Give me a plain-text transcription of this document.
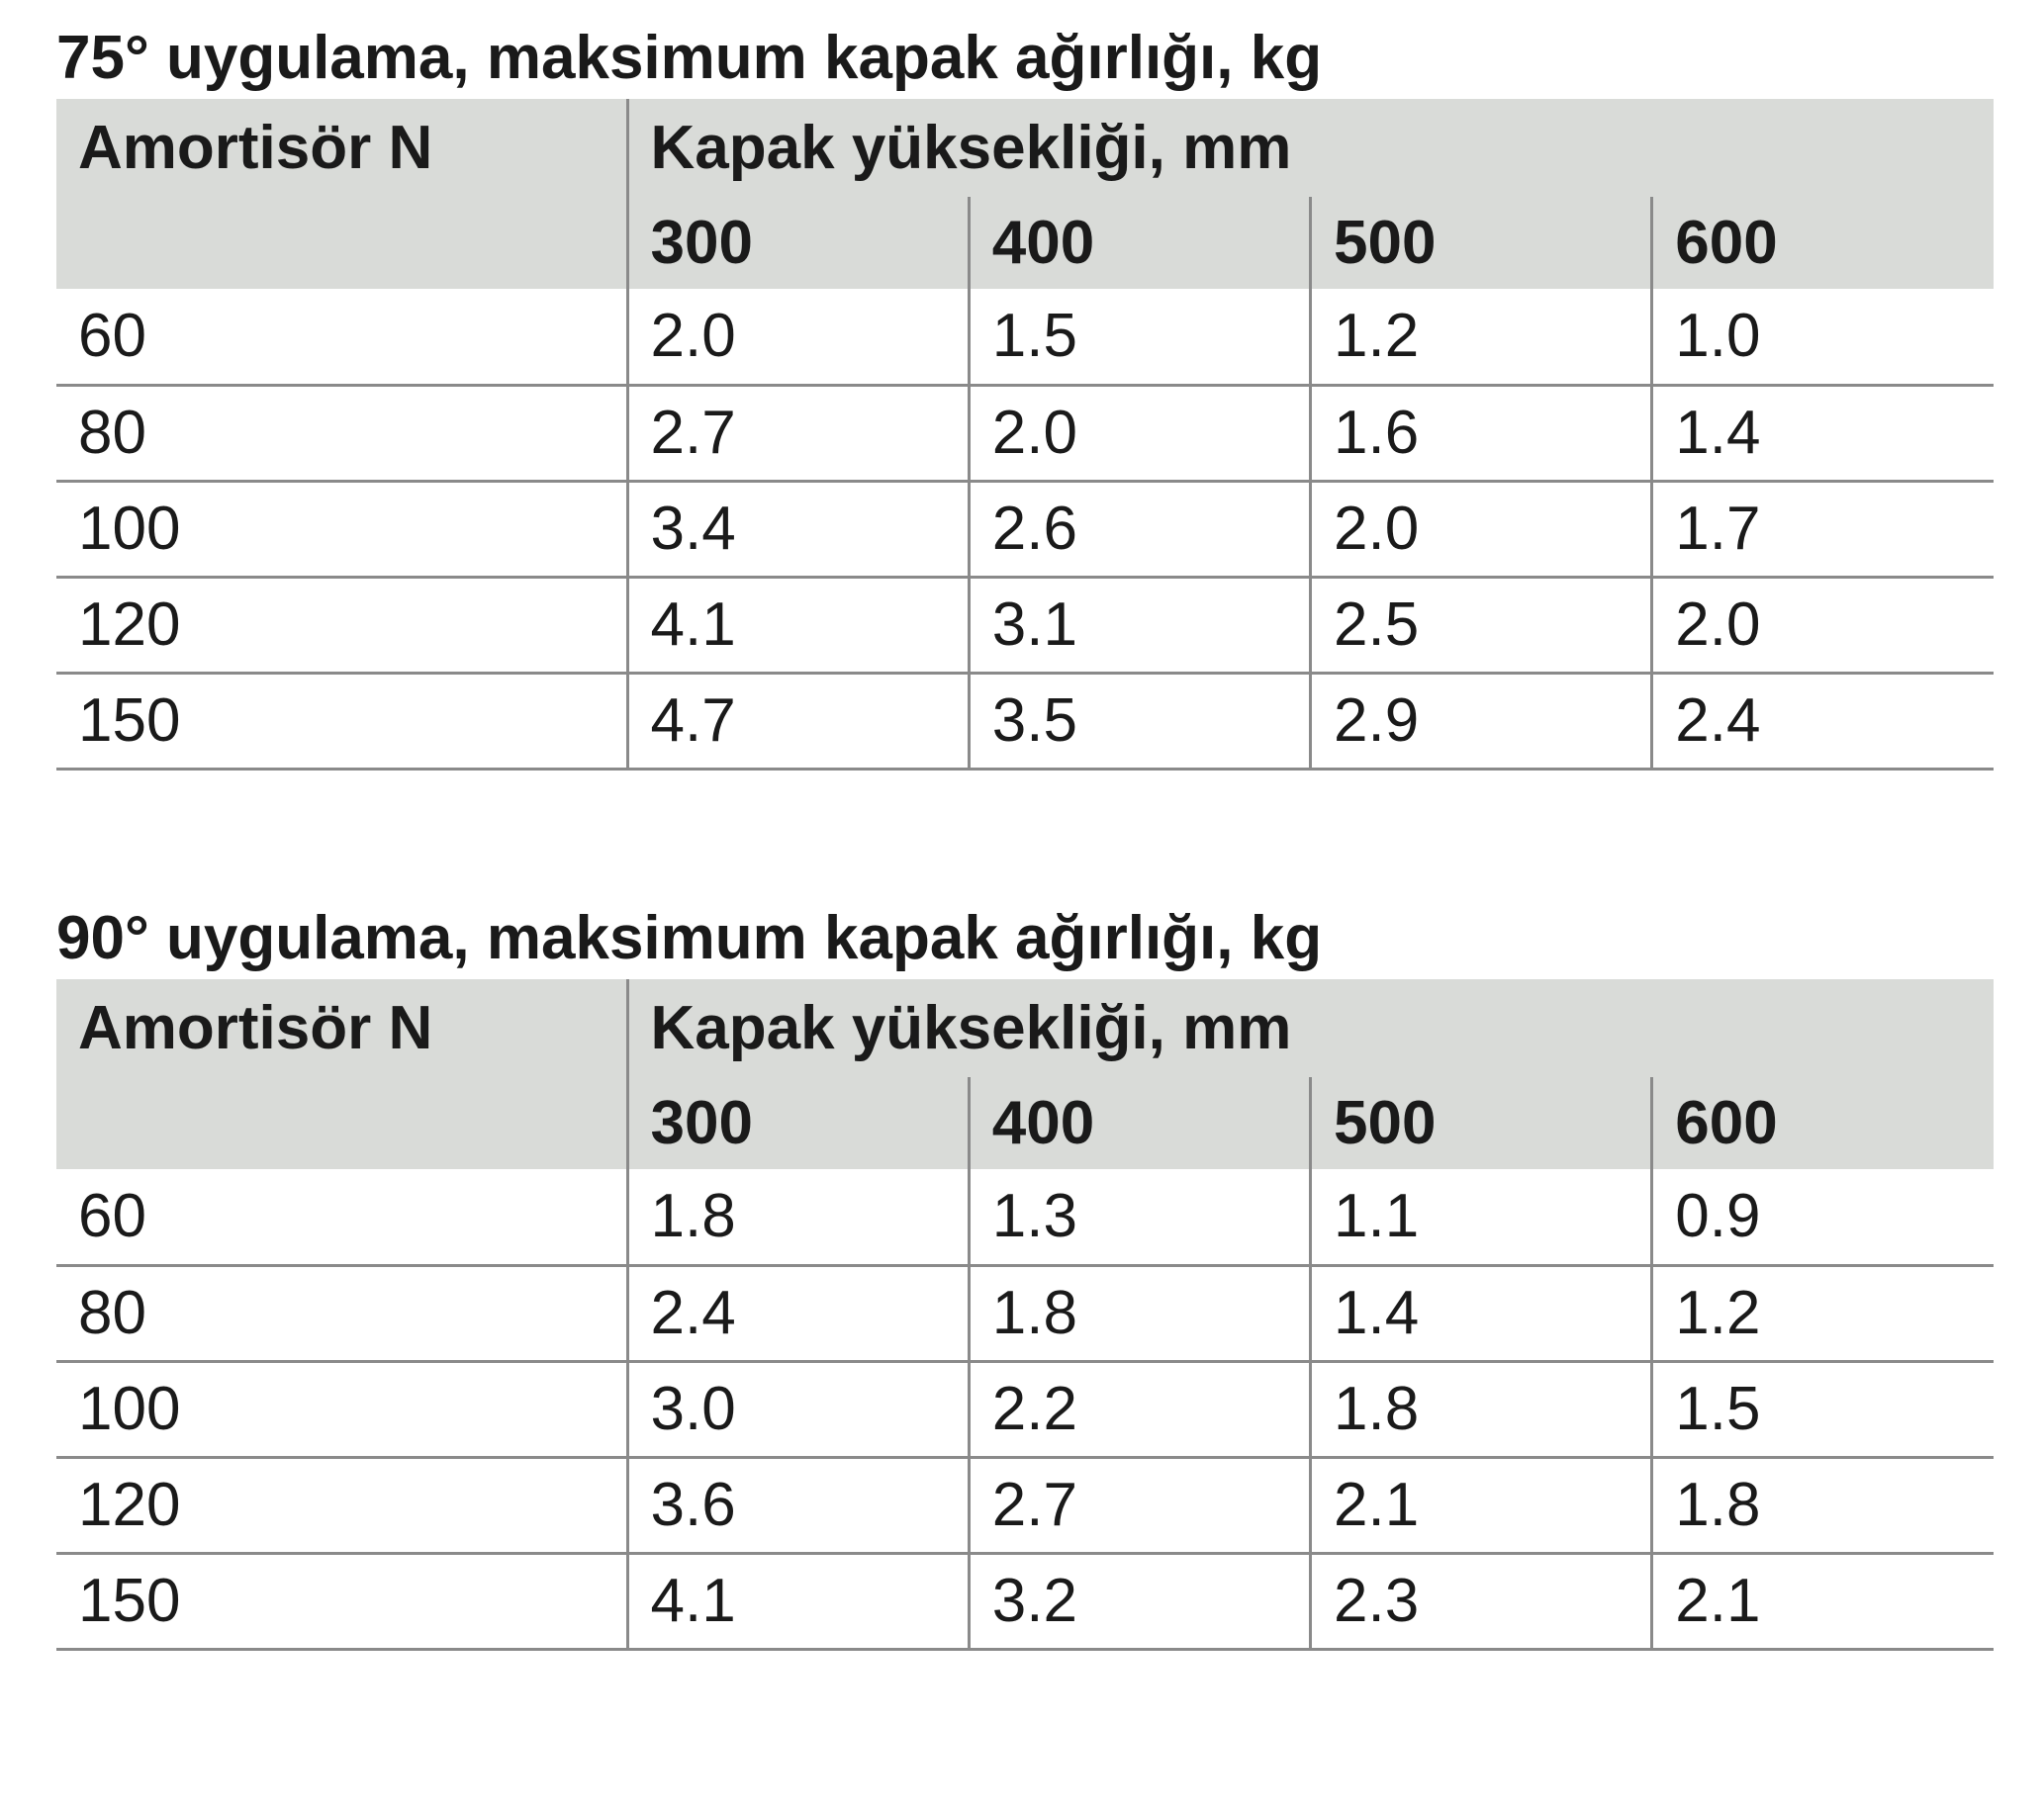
75° uygulama, maksimum kapak ağırlığı, kg
Amortisör N	Kapak yüksekliği, mm			
	300	400	500	600
60	2.0	1.5	1.2	1.0
80	2.7	2.0	1.6	1.4
100	3.4	2.6	2.0	1.7
120	4.1	3.1	2.5	2.0
150	4.7	3.5	2.9	2.4
90° uygulama, maksimum kapak ağırlığı, kg
Amortisör N	Kapak yüksekliği, mm			
	300	400	500	600
60	1.8	1.3	1.1	0.9
80	2.4	1.8	1.4	1.2
100	3.0	2.2	1.8	1.5
120	3.6	2.7	2.1	1.8
150	4.1	3.2	2.3	2.1
